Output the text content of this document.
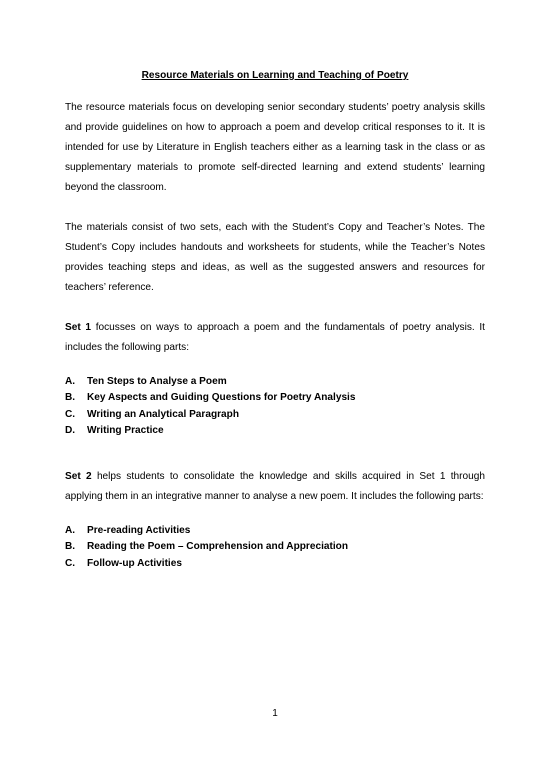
Resource Materials on Learning and Teaching of Poetry

The resource materials focus on developing senior secondary students’ poetry analysis skills and provide guidelines on how to approach a poem and develop critical responses to it. It is intended for use by Literature in English teachers either as a learning task in the class or as supplementary materials to promote self-directed learning and extend students’ learning beyond the classroom.

The materials consist of two sets, each with the Student’s Copy and Teacher’s Notes. The Student’s Copy includes handouts and worksheets for students, while the Teacher’s Notes provides teaching steps and ideas, as well as the suggested answers and resources for teachers’ reference.

Set 1 focusses on ways to approach a poem and the fundamentals of poetry analysis. It includes the following parts:

A.	Ten Steps to Analyse a Poem
B.	Key Aspects and Guiding Questions for Poetry Analysis
C.	Writing an Analytical Paragraph
D.	Writing Practice

Set 2 helps students to consolidate the knowledge and skills acquired in Set 1 through applying them in an integrative manner to analyse a new poem. It includes the following parts:

A.	Pre-reading Activities
B.	Reading the Poem – Comprehension and Appreciation
C.	Follow-up Activities
1
